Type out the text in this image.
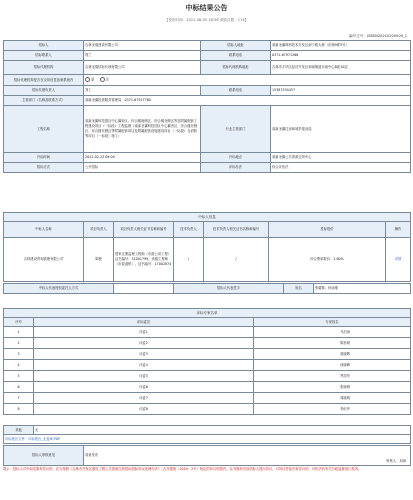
中标结果公告
【发布时间：2021-08-05 16:56 浏览次数：174】
编号文号：JSBSN20210200009_1
招标人	吉林圣瑞建设有限公司	招标人地址	高新圣翼林科技术开发区南宁路大厦（东侧9栋5号）
招标联系人	郑兰	联系电话	0371-67971266
招标代理机构	吉林圣瑞招标代理有限公司	招标代理机构地址	吉林市丰华区经济开发区和南街道东南中心B座10层
招标代理机构是否在交易信息备案系统内	是 否		
招标代理负责人	刘工	联系电话	15387534457
主管部门（名称及联系方式）	高新圣翼投资服务管理局：0371-67917760		
工程名称	高新圣翼科技园区中心翼舍区、综合楼南侧区、综合楼北侧区等及附属配套工程建设项目（一标段）工程监理（南部圣翼科技园区中心翼舍区、综合楼北侧区、综合楼北侧区等附属配套项目及附属配套设施建设项目（一标段）含消防等项目（一标段）施工）	行业主管部门	高新圣翼住房和城乡建设局
开标时间	2021-02-23 09:00	开标地点	高新圣翼公共资源交易中心
招标方式	公开招标	评标办法	综合评估法
中标人信息						
中标人名称	项目负责人	项目负责人相关证书名称和编号	技术负责人	技术负责人相关证书名称和编号	投标报价	操作
吉林建设咨询管理有限公司	陈俊	国家注册监理工程师（市政公用工程）证书编号：31001799，高级工程师（市政道桥），证书编号：17002874	/	/	综合费率报价：1.60%	详情
中标人代表授权委托人方式		招标人代表签字	姓名	张耀林、杨添强
评标专家名单		
序号	评标委员	专家姓名
1	评委1	马泊涛
2	评委2	陈松明
3	评委3	周晓辉
4	评委4	何晓峰
5	评委5	罗清华
6	评委6	张晓明
7	评委7	周晓明
8	评委8	李纪华
其他	无
评标报告文件：评标报告_无盖章.PDF
招标人审核意见	同意发布
审核人：刘涛
提示：投标人对中标结果有异议的，应当按照《吉林市开发区建设工程公共资源交易招标投标异议处理办法》（吉开建规〔2019〕2号）规定的异议时限内，以书面形式向招标人提出异议，对异议答复仍有异议的，可依法向有关行政监督部门投诉。
